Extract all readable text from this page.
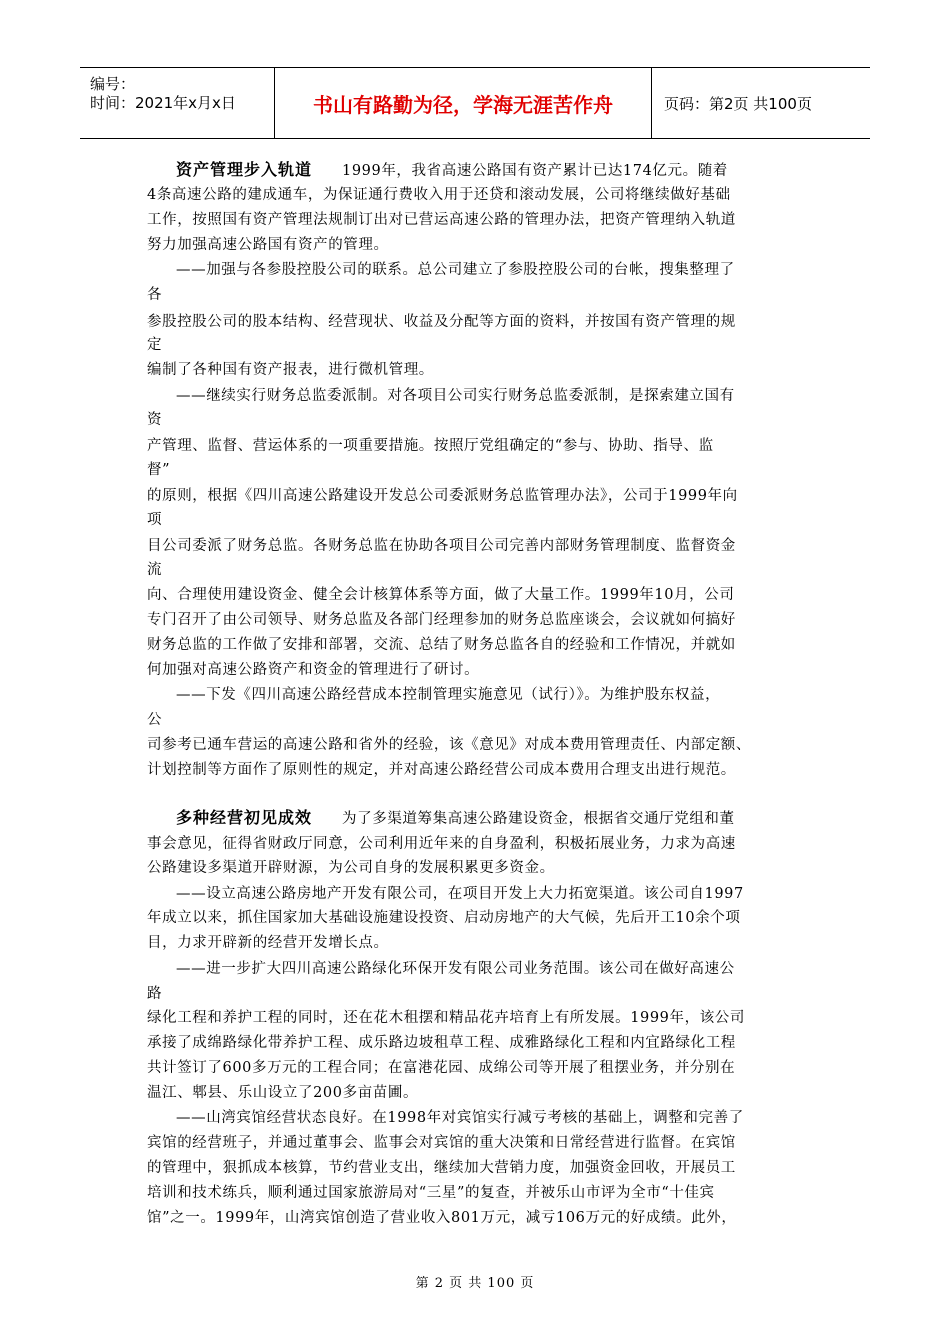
编号：
时间：2021年x月x日	书山有路勤为径，学海无涯苦作舟	页码：第2页 共100页
资产管理步入轨道 1999年，我省高速公路国有资产累计已达174亿元。随着
4条高速公路的建成通车，为保证通行费收入用于还贷和滚动发展，公司将继续做好基础
工作，按照国有资产管理法规制订出对已营运高速公路的管理办法，把资产管理纳入轨道
努力加强高速公路国有资产的管理。
——加强与各参股控股公司的联系。总公司建立了参股控股公司的台帐，搜集整理了
各
参股控股公司的股本结构、经营现状、收益及分配等方面的资料，并按国有资产管理的规
定
编制了各种国有资产报表，进行微机管理。
——继续实行财务总监委派制。对各项目公司实行财务总监委派制，是探索建立国有
资
产管理、监督、营运体系的一项重要措施。按照厅党组确定的“参与、协助、指导、监
督”
的原则，根据《四川高速公路建设开发总公司委派财务总监管理办法》，公司于1999年向
项
目公司委派了财务总监。各财务总监在协助各项目公司完善内部财务管理制度、监督资金
流
向、合理使用建设资金、健全会计核算体系等方面，做了大量工作。1999年10月，公司
专门召开了由公司领导、财务总监及各部门经理参加的财务总监座谈会，会议就如何搞好
财务总监的工作做了安排和部署，交流、总结了财务总监各自的经验和工作情况，并就如
何加强对高速公路资产和资金的管理进行了研讨。
——下发《四川高速公路经营成本控制管理实施意见（试行）》。为维护股东权益，
公
司参考已通车营运的高速公路和省外的经验，该《意见》对成本费用管理责任、内部定额、
计划控制等方面作了原则性的规定，并对高速公路经营公司成本费用合理支出进行规范。
多种经营初见成效 为了多渠道筹集高速公路建设资金，根据省交通厅党组和董
事会意见，征得省财政厅同意，公司利用近年来的自身盈利，积极拓展业务，力求为高速
公路建设多渠道开辟财源，为公司自身的发展积累更多资金。
——设立高速公路房地产开发有限公司，在项目开发上大力拓宽渠道。该公司自1997
年成立以来，抓住国家加大基础设施建设投资、启动房地产的大气候，先后开工10余个项
目，力求开辟新的经营开发增长点。
——进一步扩大四川高速公路绿化环保开发有限公司业务范围。该公司在做好高速公
路
绿化工程和养护工程的同时，还在花木租摆和精品花卉培育上有所发展。1999年，该公司
承接了成绵路绿化带养护工程、成乐路边坡租草工程、成雅路绿化工程和内宜路绿化工程
共计签订了600多万元的工程合同；在富港花园、成绵公司等开展了租摆业务，并分别在
温江、郫县、乐山设立了200多亩苗圃。
——山湾宾馆经营状态良好。在1998年对宾馆实行减亏考核的基础上，调整和完善了
宾馆的经营班子，并通过董事会、监事会对宾馆的重大决策和日常经营进行监督。在宾馆
的管理中，狠抓成本核算，节约营业支出，继续加大营销力度，加强资金回收，开展员工
培训和技术练兵，顺利通过国家旅游局对“三星”的复查，并被乐山市评为全市“十佳宾
馆”之一。1999年，山湾宾馆创造了营业收入801万元，减亏106万元的好成绩。此外，
第 2 页 共 100 页
